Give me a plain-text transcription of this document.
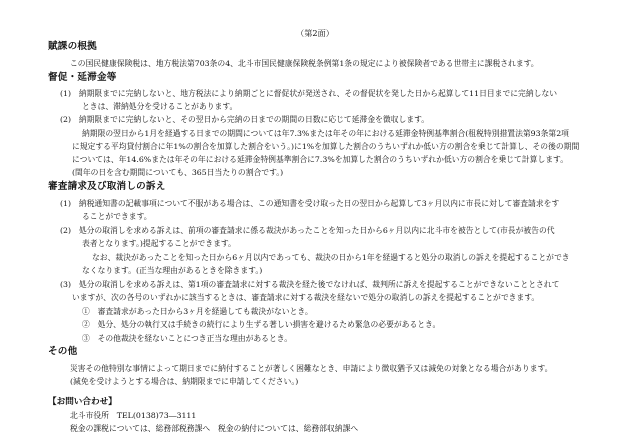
（第2面）
賦課の根拠
この国民健康保険税は、地方税法第703条の4、北斗市国民健康保険税条例第1条の規定により被保険者である世帯主に課税されます。
督促・延滞金等
(1)　納期限までに完納しないと、地方税法により納期ごとに督促状が発送され、その督促状を発した日から起算して11日目までに完納しない
ときは、滞納処分を受けることがあります。
(2)　納期限までに完納しないと、その翌日から完納の日までの期間の日数に応じて延滞金を徴収します。
納期限の翌日から1月を経過する日までの期間については年7.3%または年その年における延滞金特例基準割合(租税特別措置法第93条第2項
に規定する平均貸付割合に年1%の割合を加算した割合をいう。)に1%を加算した割合のうちいずれか低い方の割合を乗じて計算し、その後の期間
については、年14.6%または年その年における延滞金特例基準割合に7.3%を加算した割合のうちいずれか低い方の割合を乗じて計算します。
(閏年の日を含む期間についても、365日当たりの割合です。)
審査請求及び取消しの訴え
(1)　納税通知書の記載事項について不服がある場合は、この通知書を受け取った日の翌日から起算して3ヶ月以内に市長に対して審査請求をす
ることができます。
(2)　処分の取消しを求める訴えは、前項の審査請求に係る裁決があったことを知った日から6ヶ月以内に北斗市を被告として(市長が被告の代
表者となります。)提起することができます。
なお、裁決があったことを知った日から6ヶ月以内であっても、裁決の日から1年を経過すると処分の取消しの訴えを提起することができ
なくなります。(正当な理由があるときを除きます。)
(3)　処分の取消しを求める訴えは、第1項の審査請求に対する裁決を経た後でなければ、裁判所に訴えを提起することができないこととされて
いますが、次の各号のいずれかに該当するときは、審査請求に対する裁決を経ないで処分の取消しの訴えを提起することができます。
①　審査請求があった日から3ヶ月を経過しても裁決がないとき。
②　処分、処分の執行又は手続きの続行により生ずる著しい損害を避けるため緊急の必要があるとき。
③　その他裁決を経ないことにつき正当な理由があるとき。
その他
災害その他特別な事情によって期日までに納付することが著しく困難なとき、申請により徴収猶予又は減免の対象となる場合があります。
(減免を受けようとする場合は、納期限までに申請してください。)
【お問い合わせ】
北斗市役所　TEL(0138)73―3111
税金の課税については、総務部税務課へ　税金の納付については、総務部収納課へ
